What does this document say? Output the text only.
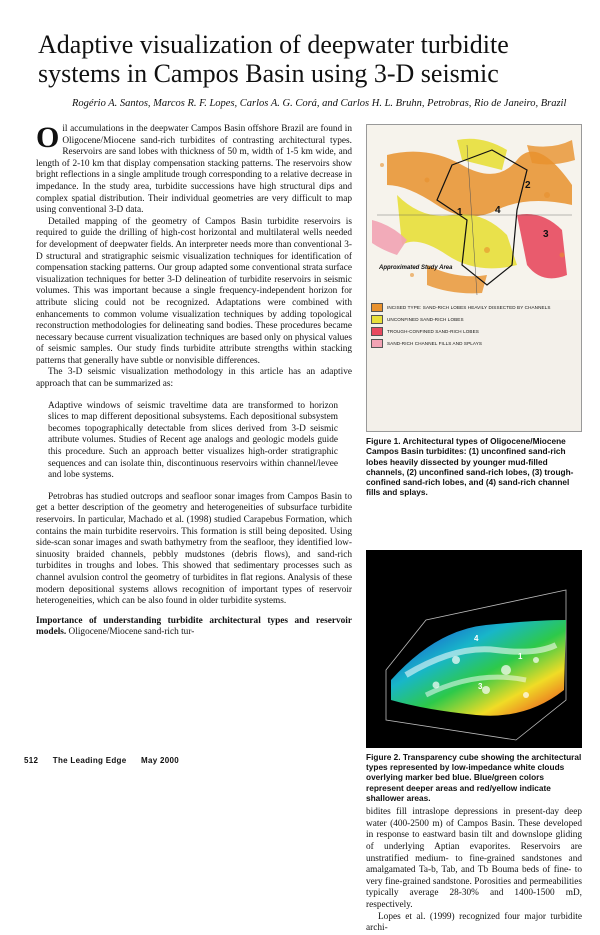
Adaptive visualization of deepwater turbidite systems in Campos Basin using 3-D seismic
Rogério A. Santos, Marcos R. F. Lopes, Carlos A. G. Corá, and Carlos H. L. Bruhn, Petrobras, Rio de Janeiro, Brazil

Oil accumulations in the deepwater Campos Basin offshore Brazil are found in Oligocene/Miocene sand-rich turbidites of contrasting architectural types. Reservoirs are sand lobes with thickness of 50 m, width of 1-5 km wide, and length of 2-10 km that display compensation stacking patterns. The reservoirs show bright reflections in a single amplitude trough corresponding to a relative decrease in impedance. In the study area, turbidite successions have high structural dips and complex spatial distribution. Their individual geometries are very difficult to map using conventional 3-D data.

Detailed mapping of the geometry of Campos Basin turbidite reservoirs is required to guide the drilling of high-cost horizontal and multilateral wells needed for development of deepwater fields. An interpreter needs more than conventional 3-D structural and stratigraphic seismic visualization techniques for identification of compensation stacking patterns. Our group adapted some conventional strata surface visualization techniques for better 3-D delineation of turbidite reservoirs in seismic volumes. This was important because a single frequency-independent horizon for attribute slicing could not be recognized. Adaptations were combined with enhancements to common volume visualization techniques by adding topological reconstruction methodologies for delineating sand bodies. These procedures became necessary because current visualization techniques are based only on physical values of seismic samples. Our study finds turbidite attribute strengths within stacking patterns that generally have subtle or nonvisible differences.

The 3-D seismic visualization methodology in this article has an adaptive approach that can be summarized as:

Adaptive windows of seismic traveltime data are transformed to horizon slices to map different depositional subsystems. Each depositional subsystem becomes topographically detectable from slices derived from 3-D seismic attribute volumes. Studies of Recent age analogs and geologic models guide this procedure. Such an approach better visualizes high-order stratigraphic sequences and can isolate thin, discontinuous reservoirs within channel/levee and lobe systems.

Petrobras has studied outcrops and seafloor sonar images from Campos Basin to get a better description of the geometry and heterogeneities of subsurface turbidite reservoirs. In particular, Machado et al. (1998) studied Carapebus Formation, which contains the main turbidite reservoirs. This formation is still being deposited. Using side-scan sonar images and swath bathymetry from the seafloor, they identified low-sinuosity braided channels, pebbly mudstones (debris flows), and sand-rich turbidites in troughs and lobes. This showed that sedimentary processes such as channel avulsion control the geometry of turbidites in flat regions. Analysis of these modern depositional systems allows recognition of important types of reservoir heterogeneities, which can be also found in older turbidite systems.

Importance of understanding turbidite architectural types and reservoir models. Oligocene/Miocene sand-rich tur-

2
1	4
3
Approximated Study Area
INCISED TYPE: SAND-RICH LOBES HEAVILY DISSECTED BY CHANNELS
UNCONFINED SAND-RICH LOBES
TROUGH-CONFINED SAND-RICH LOBES
SAND-RICH CHANNEL FILLS AND SPLAYS

Figure 1. Architectural types of Oligocene/Miocene Campos Basin turbidites: (1) unconfined sand-rich lobes heavily dissected by younger mud-filled channels, (2) unconfined sand-rich lobes, (3) trough-confined sand-rich lobes, and (4) sand-rich channel fills and splays.

4
1
3

Figure 2. Transparency cube showing the architectural types represented by low-impedance white clouds overlying marker bed blue. Blue/green colors represent deeper areas and red/yellow indicate shallower areas.

bidites fill intraslope depressions in present-day deep water (400-2500 m) of Campos Basin. These developed in response to eastward basin tilt and downslope gliding of underlying Aptian evaporites. Reservoirs are unstratified medium- to fine-grained sandstones and amalgamated Ta-b, Tab, and Tb Bouma beds of fine- to very fine-grained sandstone. Porosities and permeabilities typically average 28-30% and 1400-1500 mD, respectively.

Lopes et al. (1999) recognized four major turbidite archi-

512 The Leading Edge May 2000
